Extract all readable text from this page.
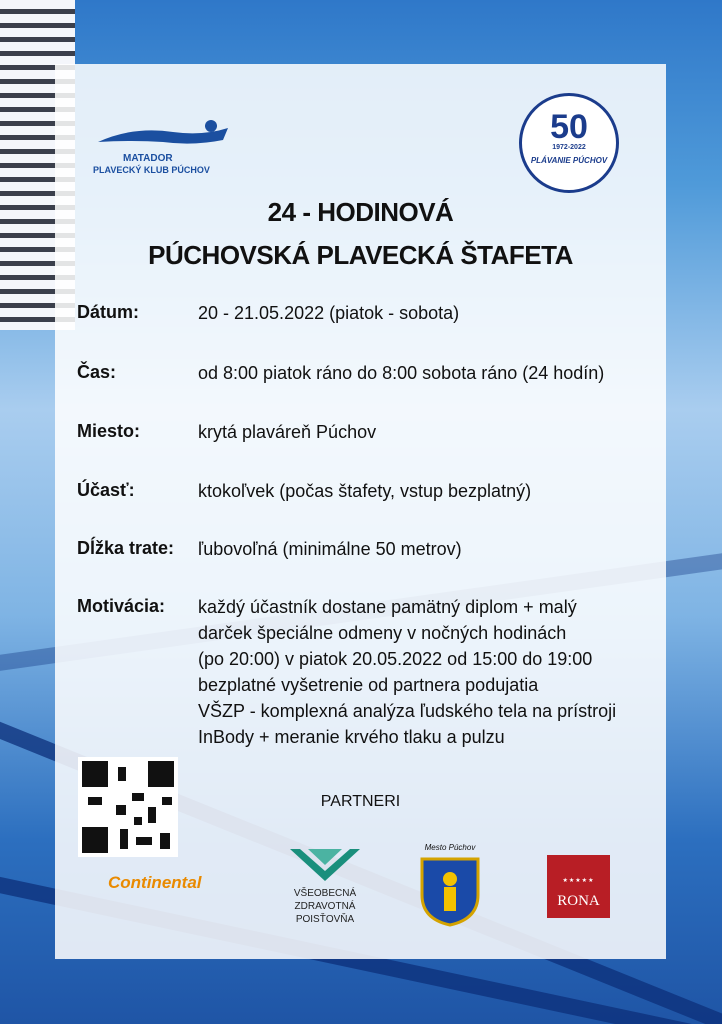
MATADOR
PLAVECKÝ KLUB PÚCHOV
50
1972-2022
PLÁVANIE PÚCHOV
24 - HODINOVÁ
PÚCHOVSKÁ PLAVECKÁ ŠTAFETA
Dátum:	20 - 21.05.2022 (piatok - sobota)
Čas:	od 8:00 piatok ráno do 8:00 sobota ráno (24 hodín)
Miesto:	krytá plaváreň Púchov
Účasť:	ktokoľvek (počas štafety, vstup bezplatný)
Dĺžka trate: ľubovoľná (minimálne 50 metrov)
Motivácia: každý účastník dostane pamätný diplom + malý
darček špeciálne odmeny v nočných hodinách
(po 20:00) v piatok 20.05.2022 od 15:00 do 19:00
bezplatné vyšetrenie od partnera podujatia
VŠZP - komplexná analýza ľudského tela na prístroji
InBody + meranie krvého tlaku a pulzu
PARTNERI
Continental
VŠEOBECNÁ
ZDRAVOTNÁ
POISŤOVŇA
Mesto Púchov
★★★★★
RONA
